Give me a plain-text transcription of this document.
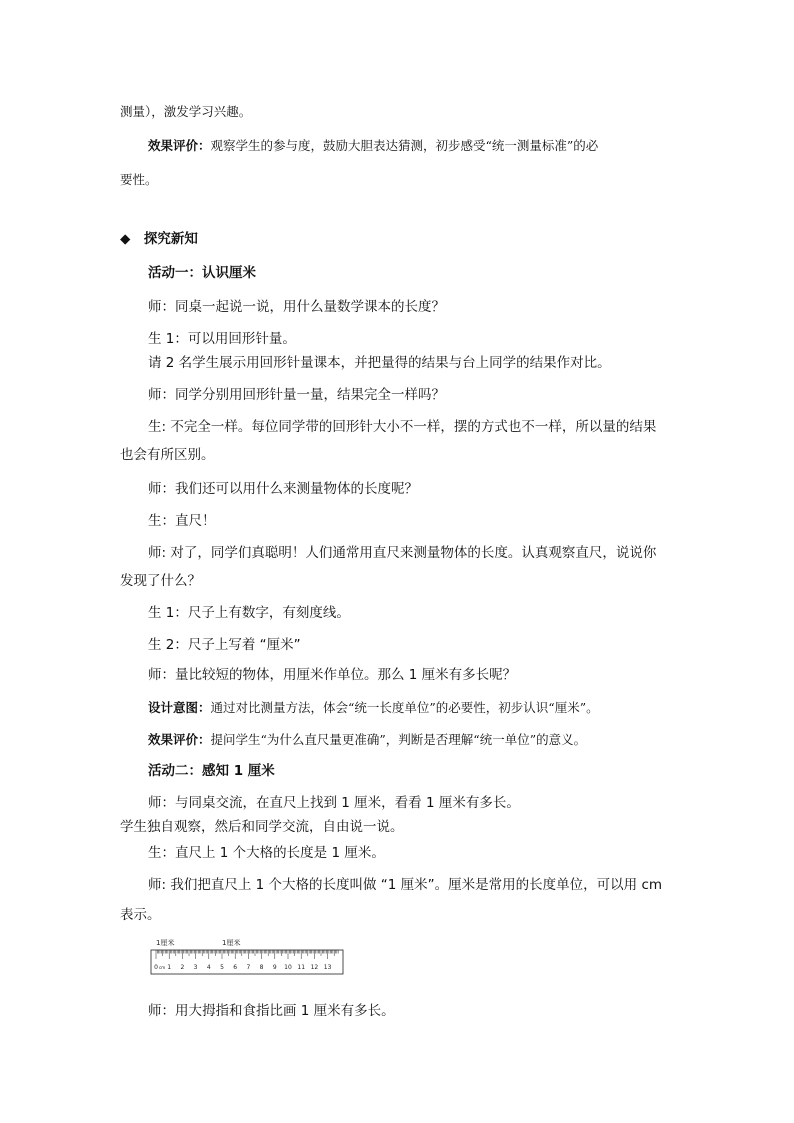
测量），激发学习兴趣。
效果评价：观察学生的参与度，鼓励大胆表达猜测，初步感受“统一测量标准”的必
要性。
◆　探究新知
活动一：认识厘米
师：同桌一起说一说，用什么量数学课本的长度？
生 1：可以用回形针量。
请 2 名学生展示用回形针量课本，并把量得的结果与台上同学的结果作对比。
师：同学分别用回形针量一量，结果完全一样吗？
生: 不完全一样。每位同学带的回形针大小不一样，摆的方式也不一样，所以量的结果
也会有所区别。
师：我们还可以用什么来测量物体的长度呢？
生：直尺！
师: 对了，同学们真聪明！人们通常用直尺来测量物体的长度。认真观察直尺，说说你
发现了什么？
生 1：尺子上有数字，有刻度线。
生 2：尺子上写着 “厘米”
师：量比较短的物体，用厘米作单位。那么 1 厘米有多长呢？
设计意图：通过对比测量方法，体会“统一长度单位”的必要性，初步认识“厘米”。
效果评价：提问学生“为什么直尺量更准确”，判断是否理解“统一单位”的意义。
活动二：感知 1 厘米
师：与同桌交流，在直尺上找到 1 厘米，看看 1 厘米有多长。
学生独自观察，然后和同学交流，自由说一说。
生：直尺上 1 个大格的长度是 1 厘米。
师: 我们把直尺上 1 个大格的长度叫做 “1 厘米”。厘米是常用的长度单位，可以用 cm
表示。
师：用大拇指和食指比画 1 厘米有多长。
1厘米	1厘米
0 1 2 3 4 5 6 7 8 9 10 11 12 13
cm
